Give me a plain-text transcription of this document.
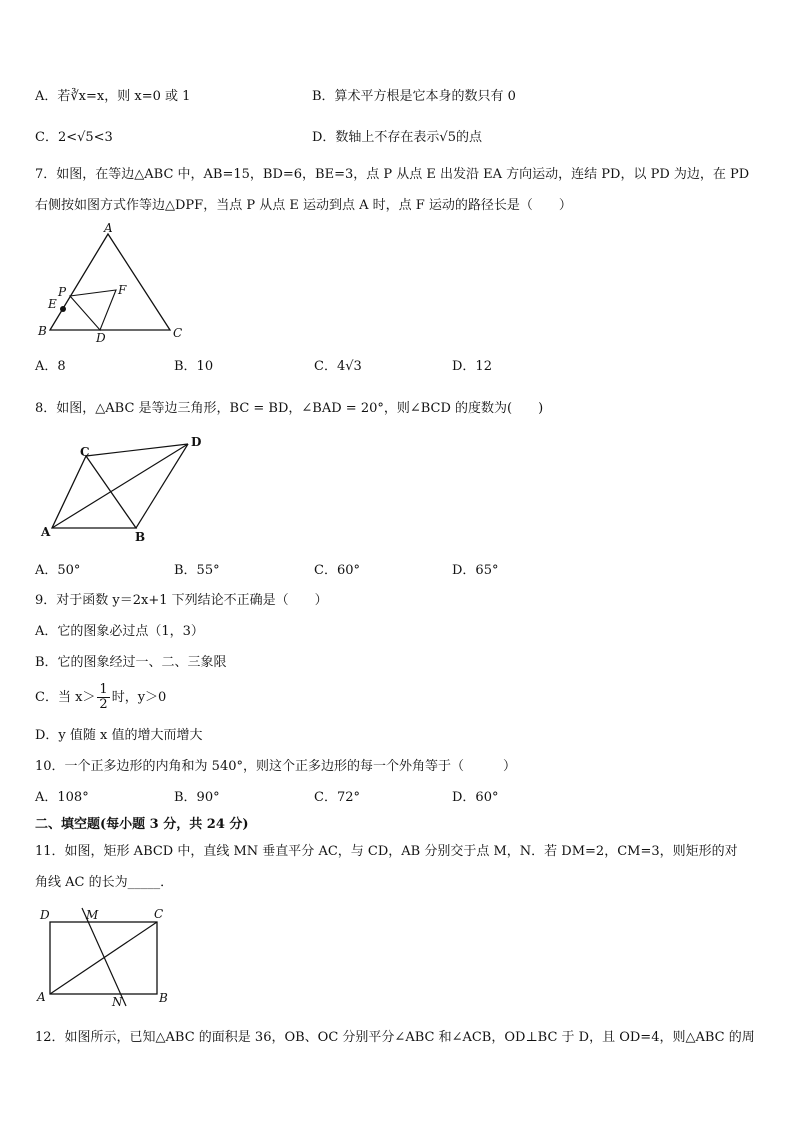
A．若∛x=x，则 x=0 或 1	B．算术平方根是它本身的数只有 0
C．2<√5<3	D．数轴上不存在表示√5的点
7．如图，在等边△ABC 中，AB=15，BD=6，BE=3，点 P 从点 E 出发沿 EA 方向运动，连结 PD，以 PD 为边，在 PD
右侧按如图方式作等边△DPF，当点 P 从点 E 运动到点 A 时，点 F 运动的路径长是（　　）
A
P	F
E
B	D	C
A．8	B．10	C．4√3	D．12
8．如图，△ABC 是等边三角形，BC = BD，∠BAD = 20°，则∠BCD 的度数为(　　)
C
D
A	B
A．50°	B．55°	C．60°	D．65°
9．对于函数 y＝2x+1 下列结论不正确是（　　）
A．它的图象必过点（1，3）
B．它的图象经过一、二、三象限
C．当 $x> \frac{1}{2}$ 时，y＞0
D．y 值随 x 值的增大而增大
10．一个正多边形的内角和为 540°，则这个正多边形的每一个外角等于（　　　）
A．108°	B．90°	C．72°	D．60°
二、填空题(每小题 3 分，共 24 分)
11．如图，矩形 ABCD 中，直线 MN 垂直平分 AC，与 CD，AB 分别交于点 M，N．若 DM=2，CM=3，则矩形的对
角线 AC 的长为_____．
D	M	C
A	N	B
12．如图所示，已知△ABC 的面积是 36，OB、OC 分别平分∠ABC 和∠ACB，OD⊥BC 于 D，且 OD=4，则△ABC 的周
